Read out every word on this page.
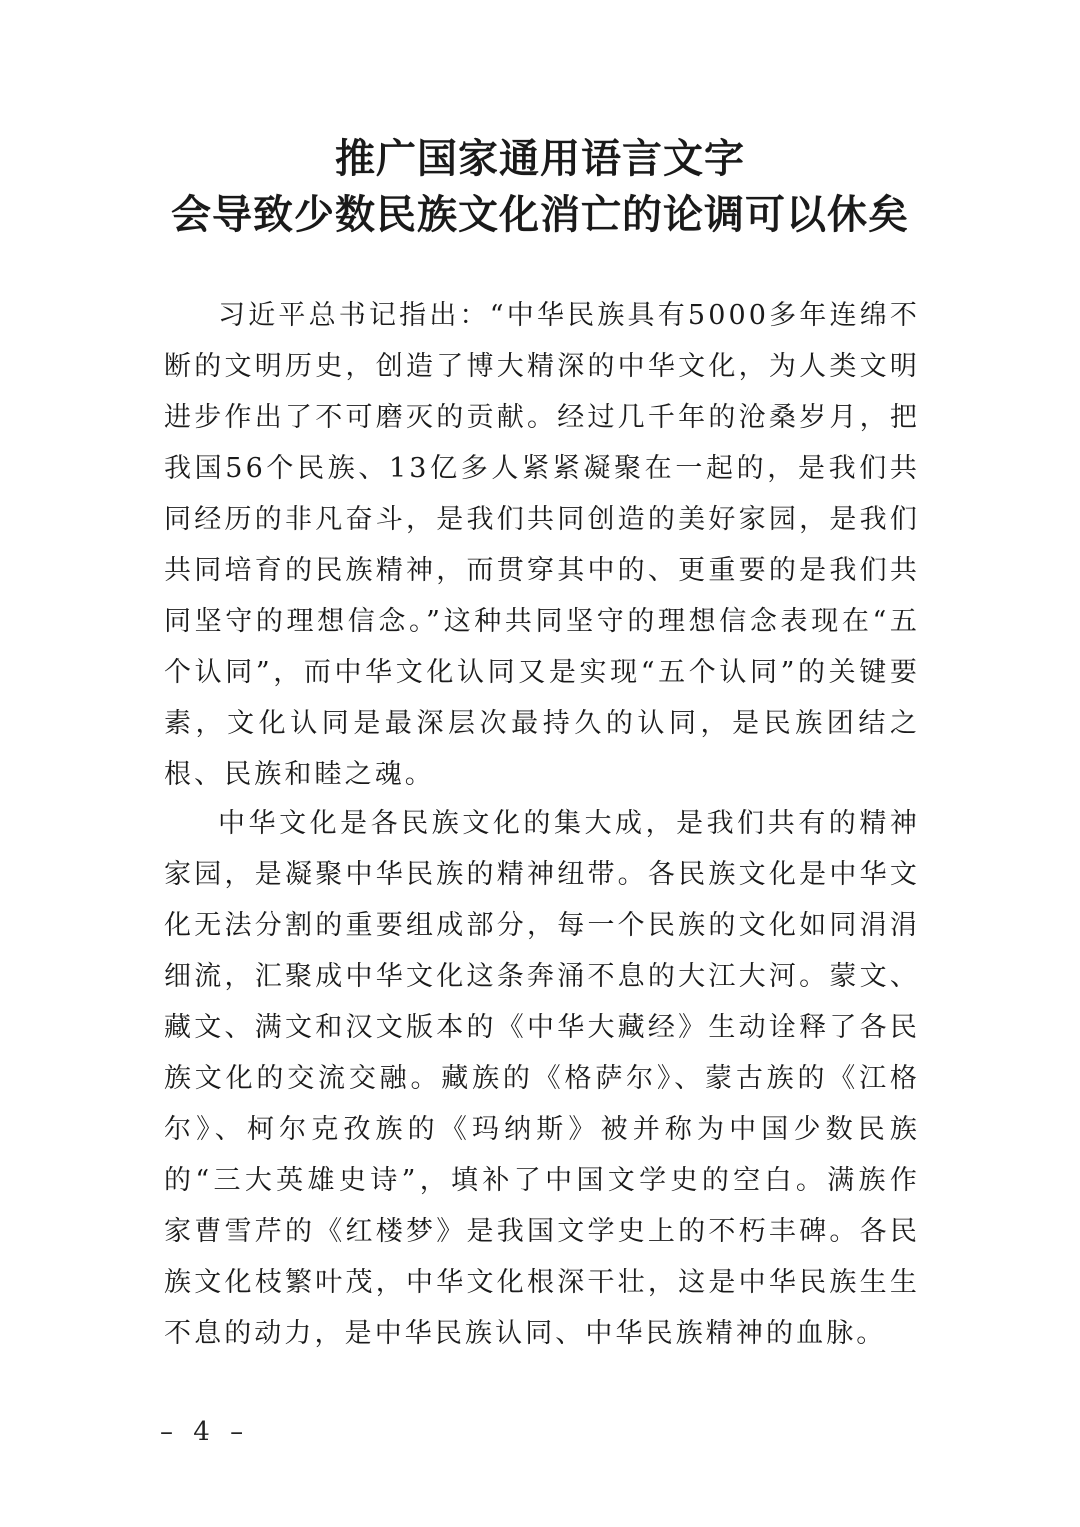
推广国家通用语言文字
会导致少数民族文化消亡的论调可以休矣

习近平总书记指出：“中华民族具有5000多年连绵不断的文明历史，创造了博大精深的中华文化，为人类文明进步作出了不可磨灭的贡献。经过几千年的沧桑岁月，把我国56个民族、13亿多人紧紧凝聚在一起的，是我们共同经历的非凡奋斗，是我们共同创造的美好家园，是我们共同培育的民族精神，而贯穿其中的、更重要的是我们共同坚守的理想信念。”这种共同坚守的理想信念表现在“五个认同”，而中华文化认同又是实现“五个认同”的关键要素，文化认同是最深层次最持久的认同，是民族团结之根、民族和睦之魂。

中华文化是各民族文化的集大成，是我们共有的精神家园，是凝聚中华民族的精神纽带。各民族文化是中华文化无法分割的重要组成部分，每一个民族的文化如同涓涓细流，汇聚成中华文化这条奔涌不息的大江大河。蒙文、藏文、满文和汉文版本的《中华大藏经》生动诠释了各民族文化的交流交融。藏族的《格萨尔》、蒙古族的《江格尔》、柯尔克孜族的《玛纳斯》被并称为中国少数民族的“三大英雄史诗”，填补了中国文学史的空白。满族作家曹雪芹的《红楼梦》是我国文学史上的不朽丰碑。各民族文化枝繁叶茂，中华文化根深干壮，这是中华民族生生不息的动力，是中华民族认同、中华民族精神的血脉。

– 4 –
